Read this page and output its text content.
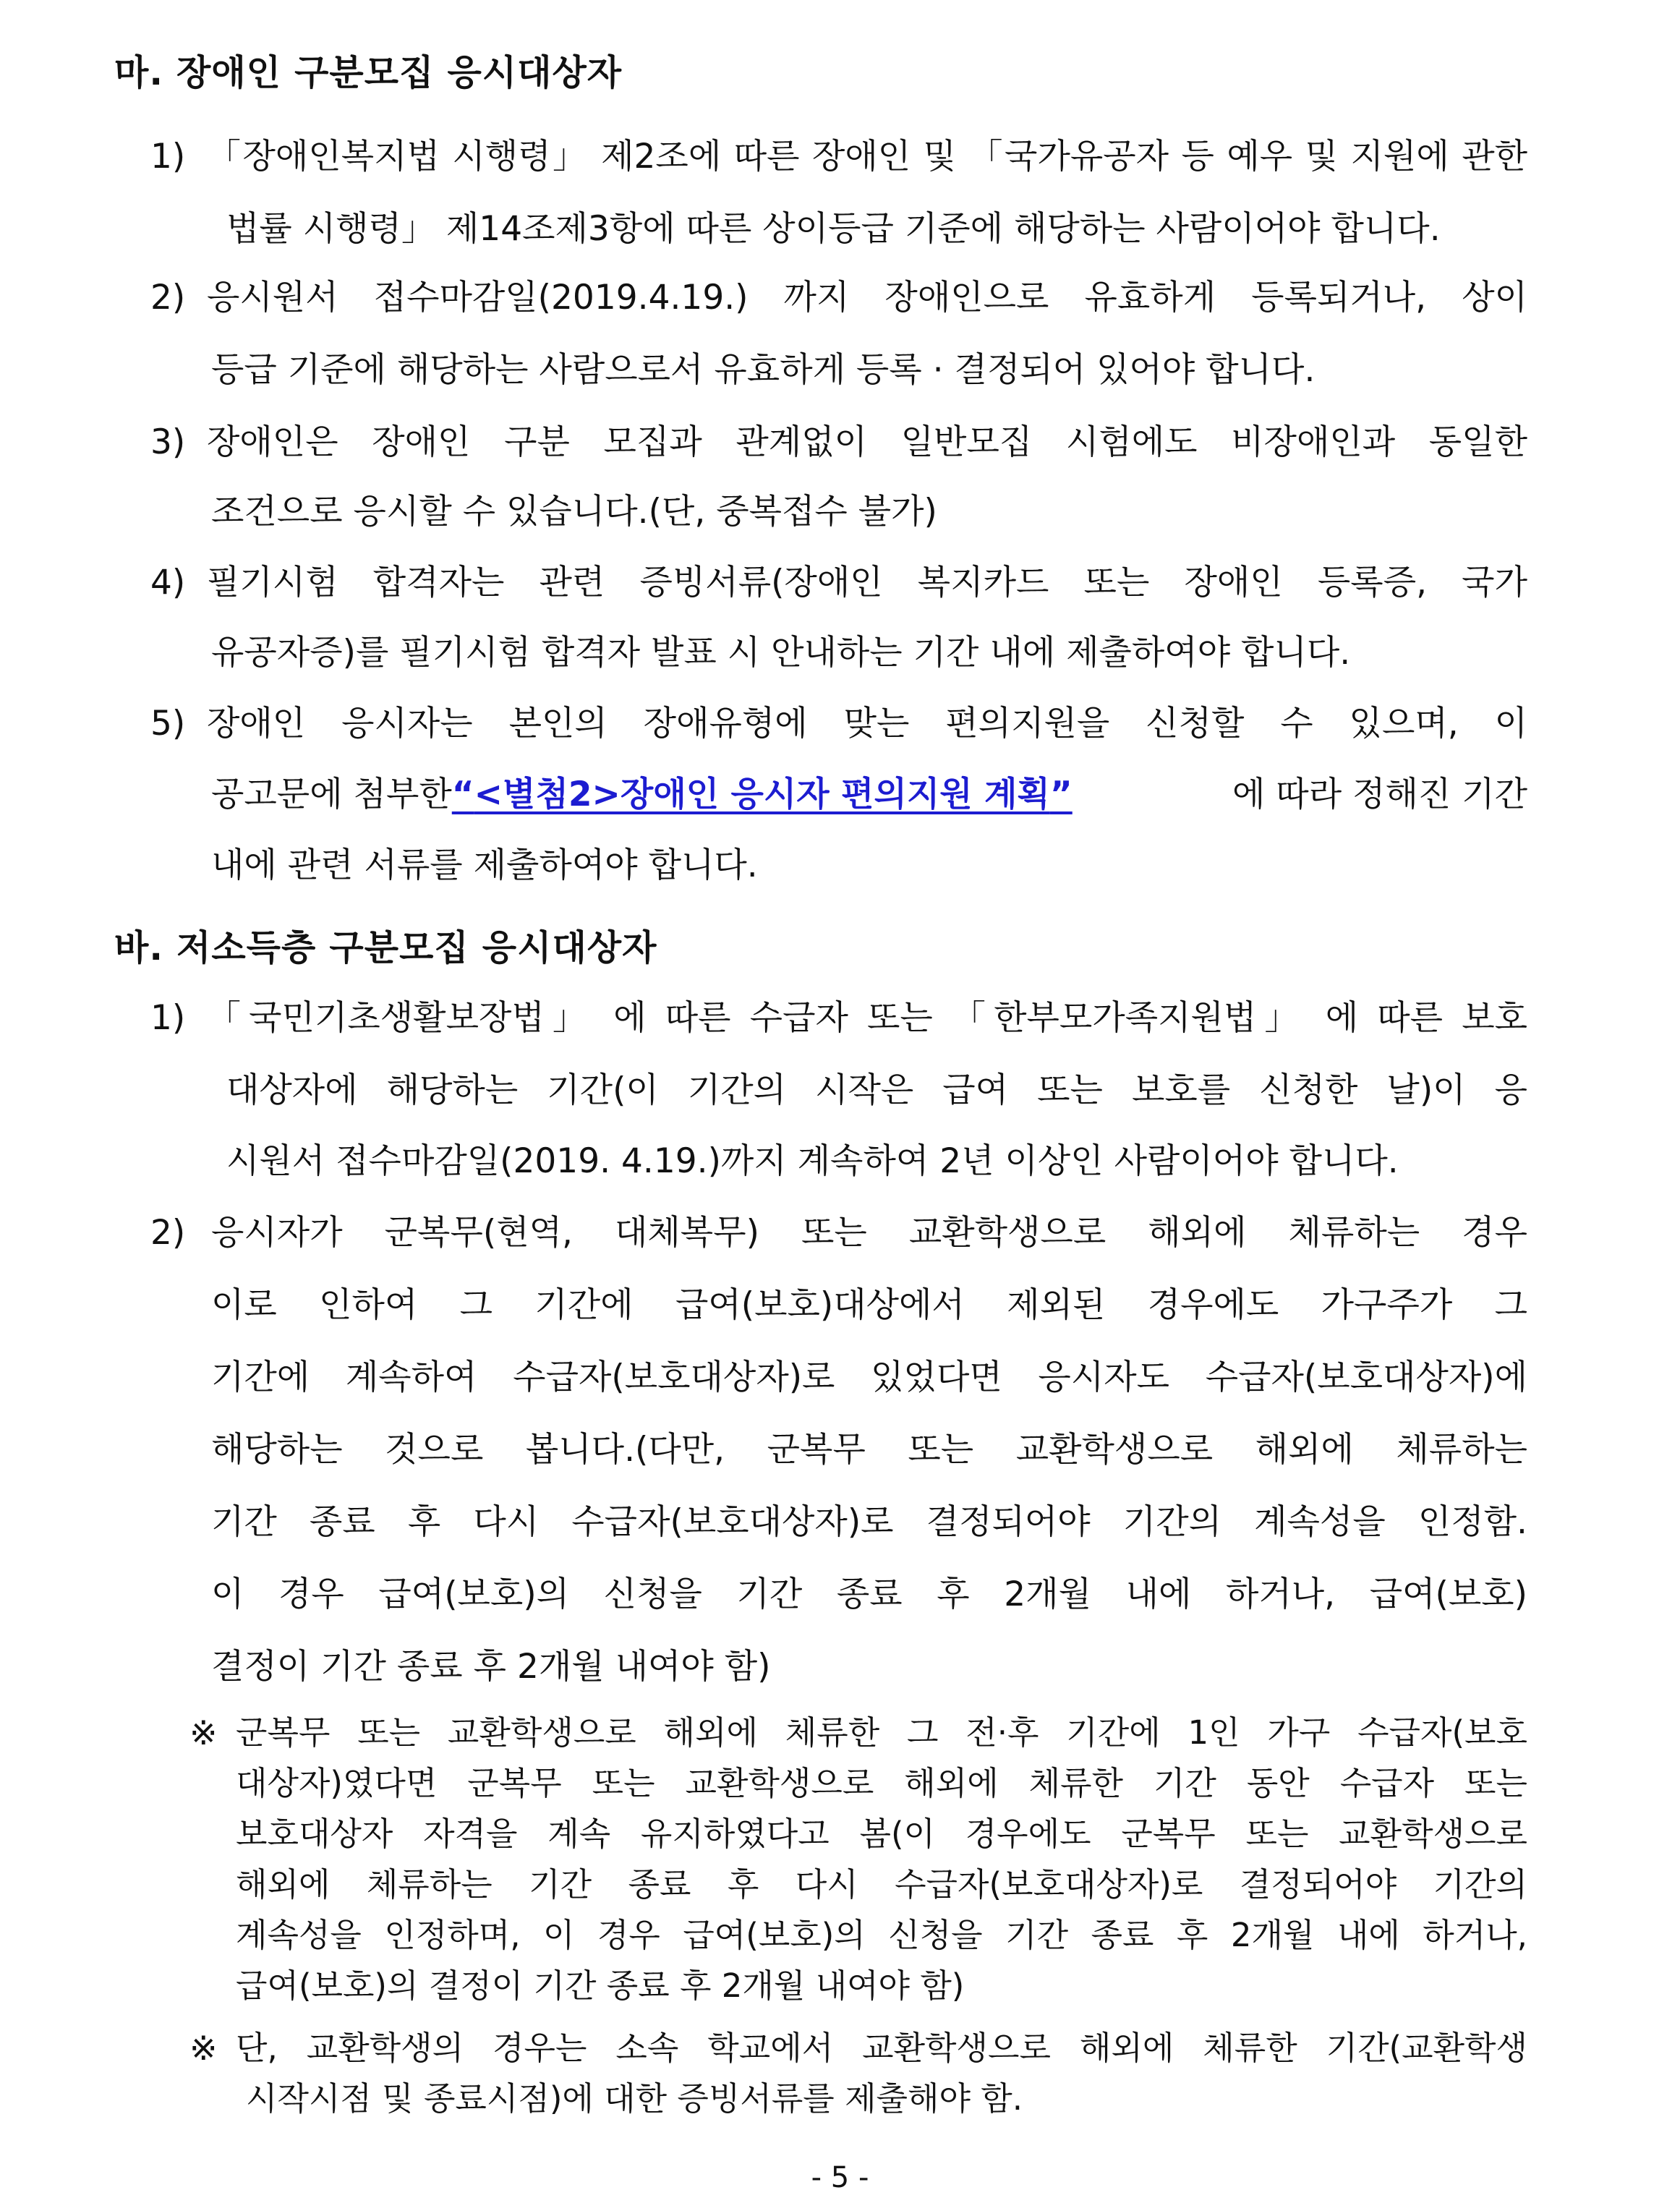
마. 장애인 구분모집 응시대상자
1) 「장애인복지법 시행령」 제2조에 따른 장애인 및 「국가유공자 등 예우 및 지원에 관한
법률 시행령」 제14조제3항에 따른 상이등급 기준에 해당하는 사람이어야 합니다.
2) 응시원서 접수마감일(2019.4.19.) 까지 장애인으로 유효하게 등록되거나, 상이
등급 기준에 해당하는 사람으로서 유효하게 등록 · 결정되어 있어야 합니다.
3) 장애인은 장애인 구분 모집과 관계없이 일반모집 시험에도 비장애인과 동일한
조건으로 응시할 수 있습니다.(단, 중복접수 불가)
4) 필기시험 합격자는 관련 증빙서류(장애인 복지카드 또는 장애인 등록증, 국가
유공자증)를 필기시험 합격자 발표 시 안내하는 기간 내에 제출하여야 합니다.
5) 장애인 응시자는 본인의 장애유형에 맞는 편의지원을 신청할 수 있으며, 이
공고문에 첨부한 “<별첨2>장애인 응시자 편의지원 계획”	에 따라 정해진 기간
내에 관련 서류를 제출하여야 합니다.
바. 저소득층 구분모집 응시대상자
1) 「국민기초생활보장법」 에 따른 수급자 또는 「한부모가족지원법」 에 따른 보호
대상자에 해당하는 기간(이 기간의 시작은 급여 또는 보호를 신청한 날)이 응
시원서 접수마감일(2019. 4.19.)까지 계속하여 2년 이상인 사람이어야 합니다.
2) 응시자가 군복무(현역, 대체복무) 또는 교환학생으로 해외에 체류하는 경우
이로 인하여 그 기간에 급여(보호)대상에서 제외된 경우에도 가구주가 그
기간에 계속하여 수급자(보호대상자)로 있었다면 응시자도 수급자(보호대상자)에
해당하는 것으로 봅니다.(다만, 군복무 또는 교환학생으로 해외에 체류하는
기간 종료 후 다시 수급자(보호대상자)로 결정되어야 기간의 계속성을 인정함.
이 경우 급여(보호)의 신청을 기간 종료 후 2개월 내에 하거나, 급여(보호)
결정이 기간 종료 후 2개월 내여야 함)
※ 군복무 또는 교환학생으로 해외에 체류한 그 전·후 기간에 1인 가구 수급자(보호
대상자)였다면 군복무 또는 교환학생으로 해외에 체류한 기간 동안 수급자 또는
보호대상자 자격을 계속 유지하였다고 봄(이 경우에도 군복무 또는 교환학생으로
해외에 체류하는 기간 종료 후 다시 수급자(보호대상자)로 결정되어야 기간의
계속성을 인정하며, 이 경우 급여(보호)의 신청을 기간 종료 후 2개월 내에 하거나,
급여(보호)의 결정이 기간 종료 후 2개월 내여야 함)
※ 단, 교환학생의 경우는 소속 학교에서 교환학생으로 해외에 체류한 기간(교환학생
시작시점 및 종료시점)에 대한 증빙서류를 제출해야 함.
- 5 -
